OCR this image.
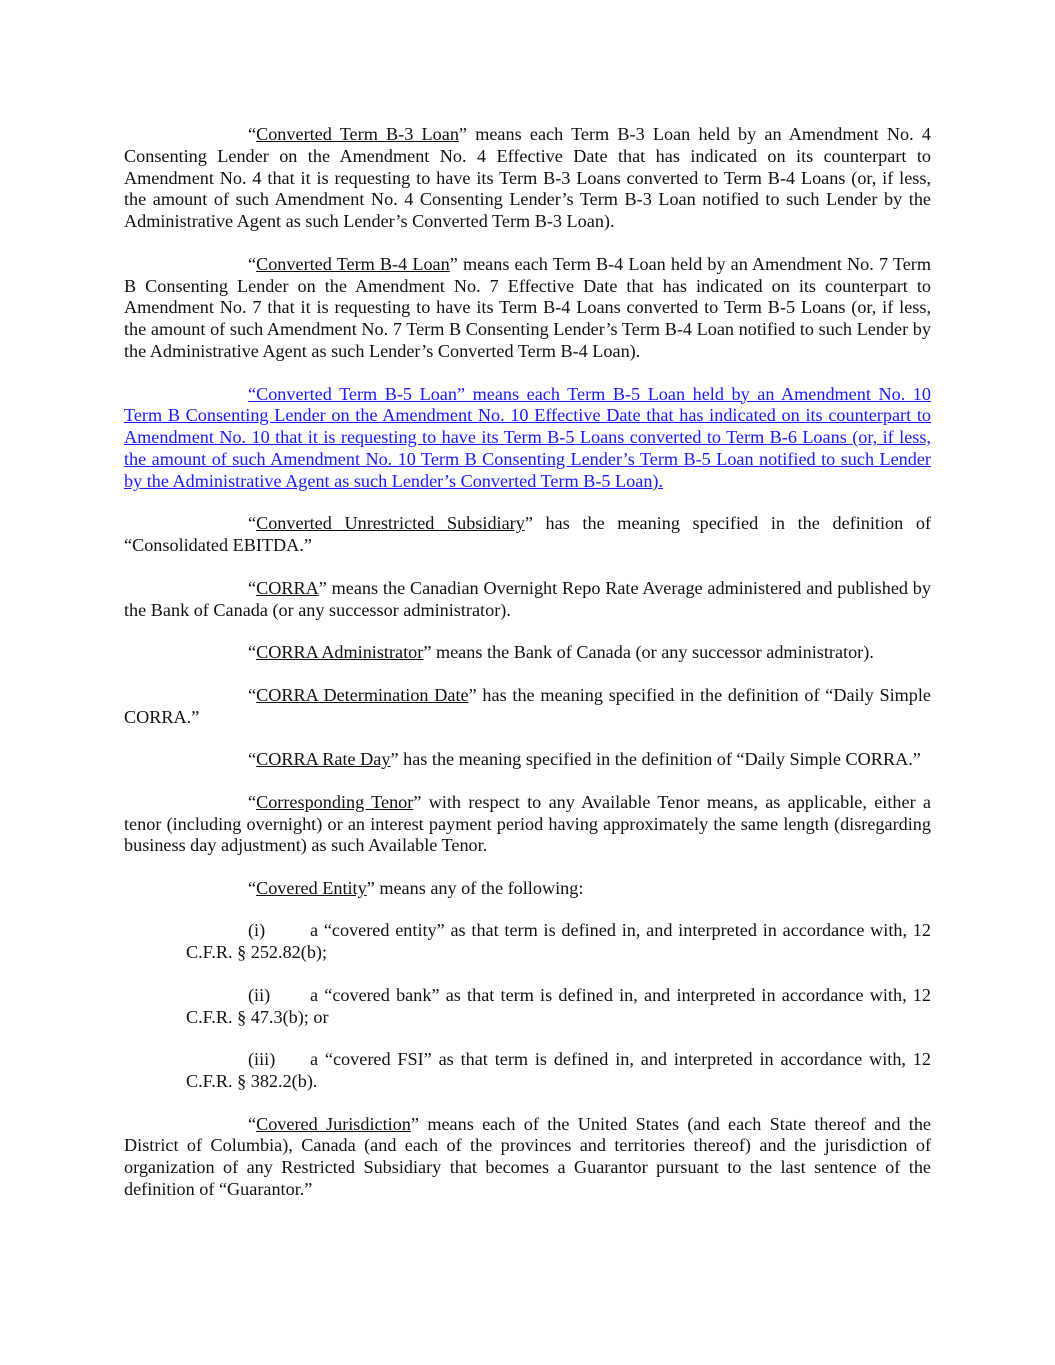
“Converted Term B-3 Loan” means each Term B-3 Loan held by an Amendment No. 4 Consenting Lender on the Amendment No. 4 Effective Date that has indicated on its counterpart to Amendment No. 4 that it is requesting to have its Term B-3 Loans converted to Term B-4 Loans (or, if less, the amount of such Amendment No. 4 Consenting Lender’s Term B-3 Loan notified to such Lender by the Administrative Agent as such Lender’s Converted Term B-3 Loan).

“Converted Term B-4 Loan” means each Term B-4 Loan held by an Amendment No. 7 Term B Consenting Lender on the Amendment No. 7 Effective Date that has indicated on its counterpart to Amendment No. 7 that it is requesting to have its Term B-4 Loans converted to Term B-5 Loans (or, if less, the amount of such Amendment No. 7 Term B Consenting Lender’s Term B-4 Loan notified to such Lender by the Administrative Agent as such Lender’s Converted Term B-4 Loan).

“Converted Term B-5 Loan” means each Term B-5 Loan held by an Amendment No. 10 Term B Consenting Lender on the Amendment No. 10 Effective Date that has indicated on its counterpart to Amendment No. 10 that it is requesting to have its Term B-5 Loans converted to Term B-6 Loans (or, if less, the amount of such Amendment No. 10 Term B Consenting Lender’s Term B-5 Loan notified to such Lender by the Administrative Agent as such Lender’s Converted Term B-5 Loan).

“Converted Unrestricted Subsidiary” has the meaning specified in the definition of “Consolidated EBITDA.”

“CORRA” means the Canadian Overnight Repo Rate Average administered and published by the Bank of Canada (or any successor administrator).

“CORRA Administrator” means the Bank of Canada (or any successor administrator).

“CORRA Determination Date” has the meaning specified in the definition of “Daily Simple CORRA.”

“CORRA Rate Day” has the meaning specified in the definition of “Daily Simple CORRA.”

“Corresponding Tenor” with respect to any Available Tenor means, as applicable, either a tenor (including overnight) or an interest payment period having approximately the same length (disregarding business day adjustment) as such Available Tenor.

“Covered Entity” means any of the following:

(i) a “covered entity” as that term is defined in, and interpreted in accordance with, 12 C.F.R. § 252.82(b);

(ii) a “covered bank” as that term is defined in, and interpreted in accordance with, 12 C.F.R. § 47.3(b); or

(iii) a “covered FSI” as that term is defined in, and interpreted in accordance with, 12 C.F.R. § 382.2(b).

“Covered Jurisdiction” means each of the United States (and each State thereof and the District of Columbia), Canada (and each of the provinces and territories thereof) and the jurisdiction of organization of any Restricted Subsidiary that becomes a Guarantor pursuant to the last sentence of the definition of “Guarantor.”
